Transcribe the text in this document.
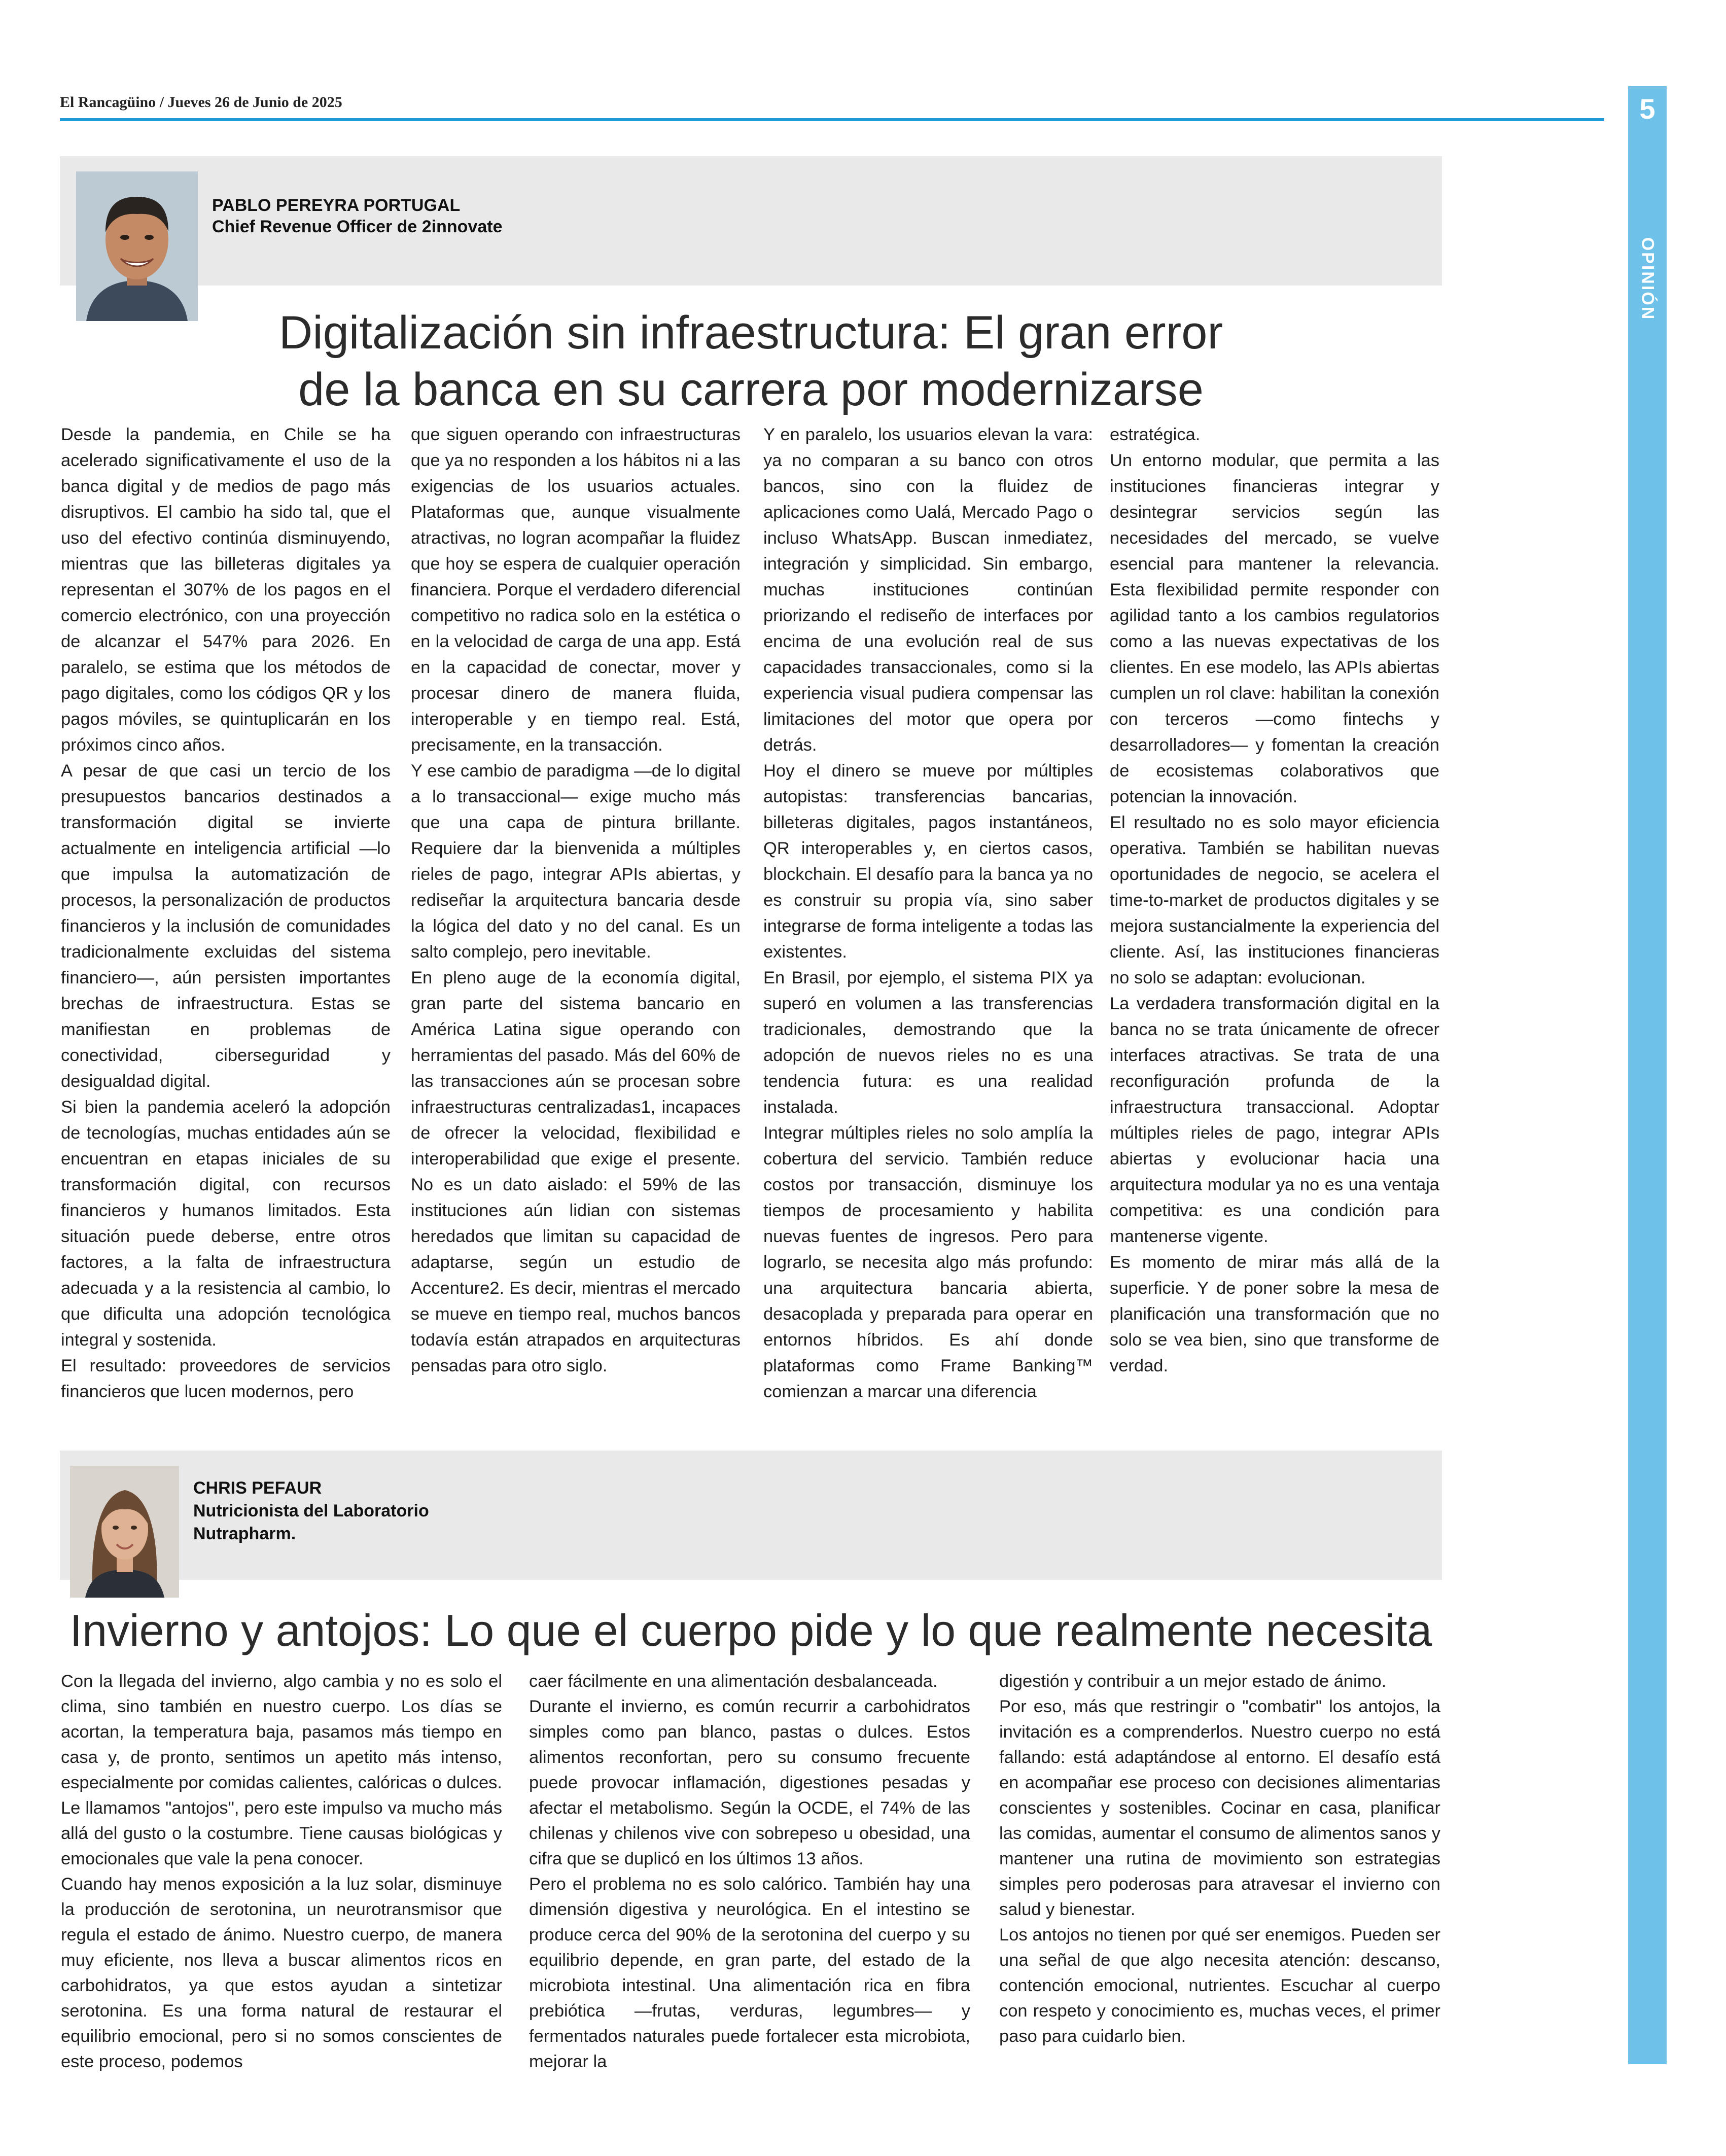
El Rancagüino / Jueves 26 de Junio de 2025	5
OPINIÓN
PABLO PEREYRA PORTUGAL
Chief Revenue Officer de 2innovate
Digitalización sin infraestructura: El gran error
de la banca en su carrera por modernizarse

Desde la pandemia, en Chile se ha acelerado significativamente el uso de la banca digital y de medios de pago más disruptivos. El cambio ha sido tal, que el uso del efectivo continúa disminuyendo, mientras que las billeteras digitales ya representan el 307% de los pagos en el comercio electrónico, con una proyección de alcanzar el 547% para 2026. En paralelo, se estima que los métodos de pago digitales, como los códigos QR y los pagos móviles, se quintuplicarán en los próximos cinco años.

A pesar de que casi un tercio de los presupuestos bancarios destinados a transformación digital se invierte actualmente en inteligencia artificial —lo que impulsa la automatización de procesos, la personalización de productos financieros y la inclusión de comunidades tradicionalmente excluidas del sistema financiero—, aún persisten importantes brechas de infraestructura. Estas se manifiestan en problemas de conectividad, ciberseguridad y desigualdad digital.

Si bien la pandemia aceleró la adopción de tecnologías, muchas entidades aún se encuentran en etapas iniciales de su transformación digital, con recursos financieros y humanos limitados. Esta situación puede deberse, entre otros factores, a la falta de infraestructura adecuada y a la resistencia al cambio, lo que dificulta una adopción tecnológica integral y sostenida.

El resultado: proveedores de servicios financieros que lucen modernos, pero

que siguen operando con infraestructuras que ya no responden a los hábitos ni a las exigencias de los usuarios actuales. Plataformas que, aunque visualmente atractivas, no logran acompañar la fluidez que hoy se espera de cualquier operación financiera. Porque el verdadero diferencial competitivo no radica solo en la estética o en la velocidad de carga de una app. Está en la capacidad de conectar, mover y procesar dinero de manera fluida, interoperable y en tiempo real. Está, precisamente, en la transacción.

Y ese cambio de paradigma —de lo digital a lo transaccional— exige mucho más que una capa de pintura brillante. Requiere dar la bienvenida a múltiples rieles de pago, integrar APIs abiertas, y rediseñar la arquitectura bancaria desde la lógica del dato y no del canal. Es un salto complejo, pero inevitable.

En pleno auge de la economía digital, gran parte del sistema bancario en América Latina sigue operando con herramientas del pasado. Más del 60% de las transacciones aún se procesan sobre infraestructuras centralizadas1, incapaces de ofrecer la velocidad, flexibilidad e interoperabilidad que exige el presente. No es un dato aislado: el 59% de las instituciones aún lidian con sistemas heredados que limitan su capacidad de adaptarse, según un estudio de Accenture2. Es decir, mientras el mercado se mueve en tiempo real, muchos bancos todavía están atrapados en arquitecturas pensadas para otro siglo.

Y en paralelo, los usuarios elevan la vara: ya no comparan a su banco con otros bancos, sino con la fluidez de aplicaciones como Ualá, Mercado Pago o incluso WhatsApp. Buscan inmediatez, integración y simplicidad. Sin embargo, muchas instituciones continúan priorizando el rediseño de interfaces por encima de una evolución real de sus capacidades transaccionales, como si la experiencia visual pudiera compensar las limitaciones del motor que opera por detrás.

Hoy el dinero se mueve por múltiples autopistas: transferencias bancarias, billeteras digitales, pagos instantáneos, QR interoperables y, en ciertos casos, blockchain. El desafío para la banca ya no es construir su propia vía, sino saber integrarse de forma inteligente a todas las existentes.

En Brasil, por ejemplo, el sistema PIX ya superó en volumen a las transferencias tradicionales, demostrando que la adopción de nuevos rieles no es una tendencia futura: es una realidad instalada.

Integrar múltiples rieles no solo amplía la cobertura del servicio. También reduce costos por transacción, disminuye los tiempos de procesamiento y habilita nuevas fuentes de ingresos. Pero para lograrlo, se necesita algo más profundo: una arquitectura bancaria abierta, desacoplada y preparada para operar en entornos híbridos. Es ahí donde plataformas como Frame Banking™ comienzan a marcar una diferencia

estratégica.

Un entorno modular, que permita a las instituciones financieras integrar y desintegrar servicios según las necesidades del mercado, se vuelve esencial para mantener la relevancia. Esta flexibilidad permite responder con agilidad tanto a los cambios regulatorios como a las nuevas expectativas de los clientes. En ese modelo, las APIs abiertas cumplen un rol clave: habilitan la conexión con terceros —como fintechs y desarrolladores— y fomentan la creación de ecosistemas colaborativos que potencian la innovación.

El resultado no es solo mayor eficiencia operativa. También se habilitan nuevas oportunidades de negocio, se acelera el time-to-market de productos digitales y se mejora sustancialmente la experiencia del cliente. Así, las instituciones financieras no solo se adaptan: evolucionan.

La verdadera transformación digital en la banca no se trata únicamente de ofrecer interfaces atractivas. Se trata de una reconfiguración profunda de la infraestructura transaccional. Adoptar múltiples rieles de pago, integrar APIs abiertas y evolucionar hacia una arquitectura modular ya no es una ventaja competitiva: es una condición para mantenerse vigente.

Es momento de mirar más allá de la superficie. Y de poner sobre la mesa de planificación una transformación que no solo se vea bien, sino que transforme de verdad.

CHRIS PEFAUR
Nutricionista del Laboratorio
Nutrapharm.
Invierno y antojos: Lo que el cuerpo pide y lo que realmente necesita

Con la llegada del invierno, algo cambia y no es solo el clima, sino también en nuestro cuerpo. Los días se acortan, la temperatura baja, pasamos más tiempo en casa y, de pronto, sentimos un apetito más intenso, especialmente por comidas calientes, calóricas o dulces. Le llamamos "antojos", pero este impulso va mucho más allá del gusto o la costumbre. Tiene causas biológicas y emocionales que vale la pena conocer.

Cuando hay menos exposición a la luz solar, disminuye la producción de serotonina, un neurotransmisor que regula el estado de ánimo. Nuestro cuerpo, de manera muy eficiente, nos lleva a buscar alimentos ricos en carbohidratos, ya que estos ayudan a sintetizar serotonina. Es una forma natural de restaurar el equilibrio emocional, pero si no somos conscientes de este proceso, podemos

caer fácilmente en una alimentación desbalanceada.

Durante el invierno, es común recurrir a carbohidratos simples como pan blanco, pastas o dulces. Estos alimentos reconfortan, pero su consumo frecuente puede provocar inflamación, digestiones pesadas y afectar el metabolismo. Según la OCDE, el 74% de las chilenas y chilenos vive con sobrepeso u obesidad, una cifra que se duplicó en los últimos 13 años.

Pero el problema no es solo calórico. También hay una dimensión digestiva y neurológica. En el intestino se produce cerca del 90% de la serotonina del cuerpo y su equilibrio depende, en gran parte, del estado de la microbiota intestinal. Una alimentación rica en fibra prebiótica —frutas, verduras, legumbres— y fermentados naturales puede fortalecer esta microbiota, mejorar la

digestión y contribuir a un mejor estado de ánimo.

Por eso, más que restringir o "combatir" los antojos, la invitación es a comprenderlos. Nuestro cuerpo no está fallando: está adaptándose al entorno. El desafío está en acompañar ese proceso con decisiones alimentarias conscientes y sostenibles. Cocinar en casa, planificar las comidas, aumentar el consumo de alimentos sanos y mantener una rutina de movimiento son estrategias simples pero poderosas para atravesar el invierno con salud y bienestar.

Los antojos no tienen por qué ser enemigos. Pueden ser una señal de que algo necesita atención: descanso, contención emocional, nutrientes. Escuchar al cuerpo con respeto y conocimiento es, muchas veces, el primer paso para cuidarlo bien.
